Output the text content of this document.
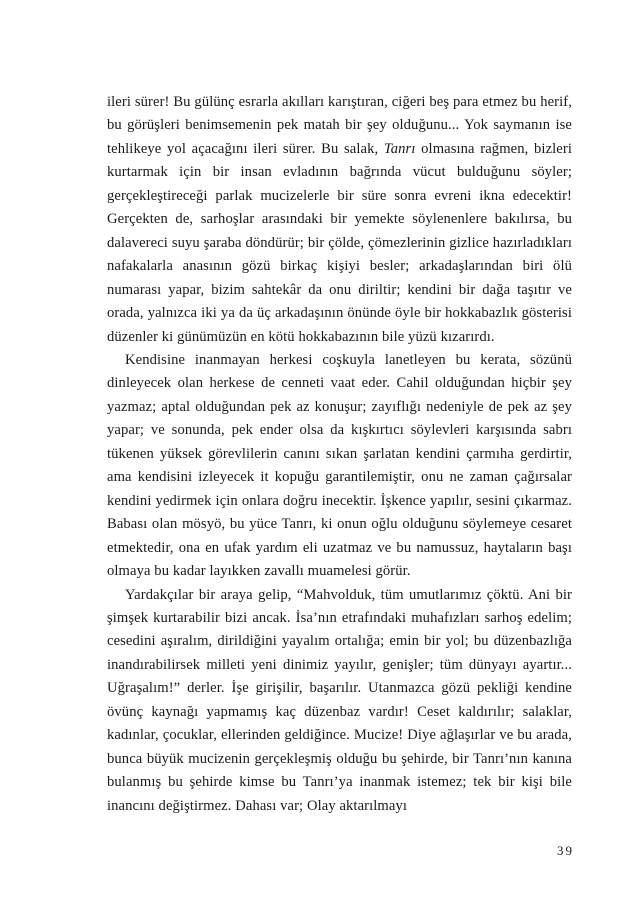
ileri sürer! Bu gülünç esrarla akılları karıştıran, ciğeri beş para etmez bu herif, bu görüşleri benimsemenin pek matah bir şey olduğunu... Yok saymanın ise tehlikeye yol açacağını ileri sürer. Bu salak, Tanrı olmasına rağmen, bizleri kurtarmak için bir insan evladının bağrında vücut bulduğunu söyler; gerçekleştireceği parlak mucizelerle bir süre sonra evreni ikna edecektir! Gerçekten de, sarhoşlar arasındaki bir yemekte söylenenlere bakılırsa, bu dalavereci suyu şaraba döndürür; bir çölde, çömezlerinin gizlice hazırladıkları nafakalarla anasının gözü birkaç kişiyi besler; arkadaşlarından biri ölü numarası yapar, bizim sahtekâr da onu diriltir; kendini bir dağa taşıtır ve orada, yalnızca iki ya da üç arkadaşının önünde öyle bir hokkabazlık gösterisi düzenler ki günümüzün en kötü hokkabazının bile yüzü kızarırdı.

Kendisine inanmayan herkesi coşkuyla lanetleyen bu kerata, sözünü dinleyecek olan herkese de cenneti vaat eder. Cahil olduğundan hiçbir şey yazmaz; aptal olduğundan pek az konuşur; zayıflığı nedeniyle de pek az şey yapar; ve sonunda, pek ender olsa da kışkırtıcı söylevleri karşısında sabrı tükenen yüksek görevlilerin canını sıkan şarlatan kendini çarmıha gerdirtir, ama kendisini izleyecek it kopuğu garantilemiştir, onu ne zaman çağırsalar kendini yedirmek için onlara doğru inecektir. İşkence yapılır, sesini çıkarmaz. Babası olan mösyö, bu yüce Tanrı, ki onun oğlu olduğunu söylemeye cesaret etmektedir, ona en ufak yardım eli uzatmaz ve bu namussuz, haytaların başı olmaya bu kadar layıkken zavallı muamelesi görür.

Yardakçılar bir araya gelip, “Mahvolduk, tüm umutlarımız çöktü. Ani bir şimşek kurtarabilir bizi ancak. İsa’nın etrafındaki muhafızları sarhoş edelim; cesedini aşıralım, dirildiğini yayalım ortalığa; emin bir yol; bu düzenbazlığa inandırabilirsek milleti yeni dinimiz yayılır, genişler; tüm dünyayı ayartır... Uğraşalım!” derler. İşe girişilir, başarılır. Utanmazca gözü pekliği kendine övünç kaynağı yapmamış kaç düzenbaz vardır! Ceset kaldırılır; salaklar, kadınlar, çocuklar, ellerinden geldiğince. Mucize! Diye ağlaşırlar ve bu arada, bunca büyük mucizenin gerçekleşmiş olduğu bu şehirde, bir Tanrı’nın kanına bulanmış bu şehirde kimse bu Tanrı’ya inanmak istemez; tek bir kişi bile inancını değiştirmez. Dahası var; Olay aktarılmayı

39
